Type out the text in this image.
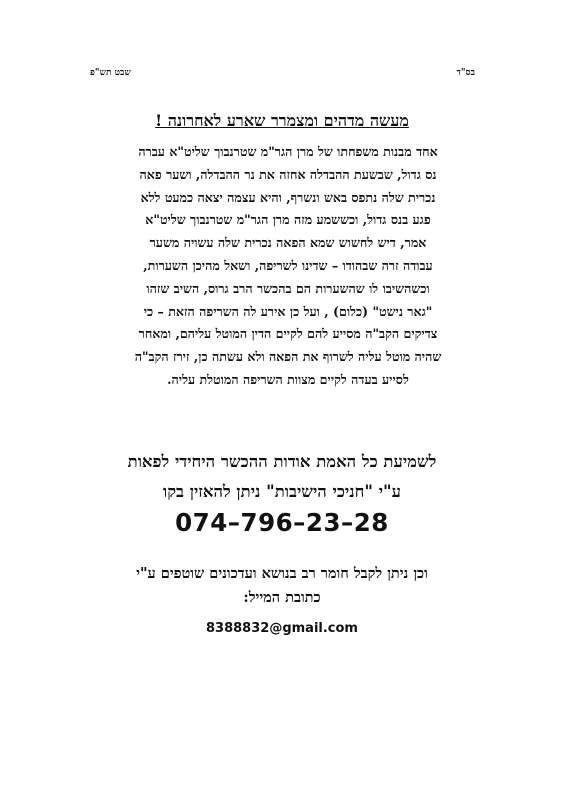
בס"ד
שבט תש"פ
מעשה מדהים ומצמרר שארע לאחרונה !
אחד מבנות משפחתו של מרן הגר"מ שטרנבוך שליט"א עברה
נס גדול, שבשעת ההבדלה אחזה את נר ההבדלה, ושער פאה
נכרית שלה נתפס באש ונשרף, והיא עצמה יצאה כמעט ללא
פגע בנס גדול, וכששמע מזה מרן הגר"מ שטרנבוך שליט"א
אמר, דיש לחשוש שמא הפאה נכרית שלה עשויה משער
עבודה זרה שבהודו – שדינו לשריפה, ושאל מהיכן השערות,
וכשהשיבו לו שהשערות הם בהכשר הרב גרוס, השיב שזהו
"גאר נישט" (כלום) , ועל כן אירע לה השריפה הזאת – כי
צדיקים הקב"ה מסייע להם לקיים הדין המוטל עליהם, ומאחר
שהיה מוטל עליה לשרוף את הפאה ולא עשתה כן, זירז הקב"ה
לסייע בעדה לקיים מצוות השריפה המוטלת עליה.
לשמיעת כל האמת אודות ההכשר היחידי לפאות
ע"י "חניכי הישיבות" ניתן להאזין בקו
074–796–23–28
וכן ניתן לקבל חומר רב בנושא ועדכונים שוטפים ע"י
כתובת המייל:
8388832@gmail.com
